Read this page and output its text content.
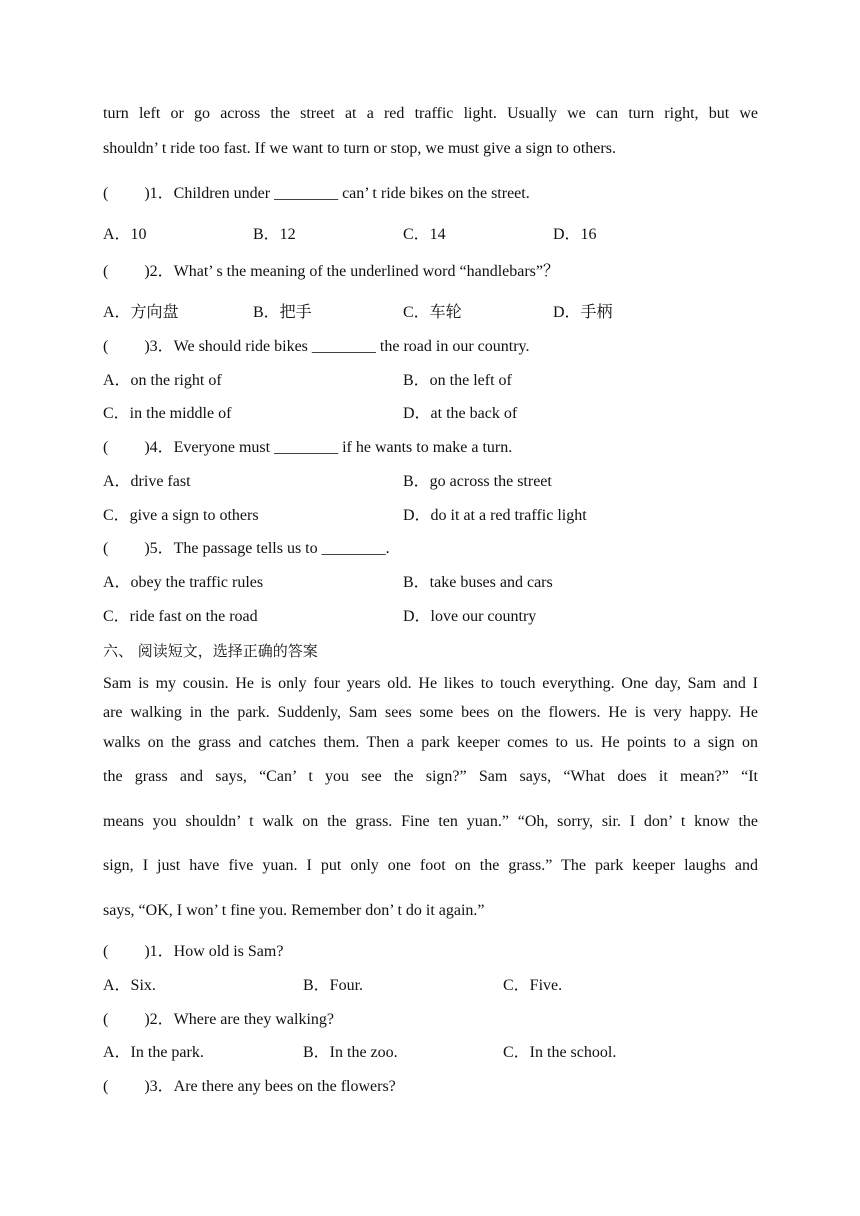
turn left or go across the street at a red traffic light. Usually we can turn right, but we
shouldn’ t ride too fast. If we want to turn or stop, we must give a sign to others.
(         )1．Children under ________ can’ t ride bikes on the street.
A．10	B．12	C．14	D．16
(         )2．What’ s the meaning of the underlined word “handlebars”？
A．方向盘	B．把手	C．车轮	D．手柄
(         )3．We should ride bikes ________ the road in our country.
A．on the right of	B．on the left of
C．in the middle of	D．at the back of
(         )4．Everyone must ________ if he wants to make a turn.
A．drive fast	B．go across the street
C．give a sign to others	D．do it at a red traffic light
(         )5．The passage tells us to ________.
A．obey the traffic rules	B．take buses and cars
C．ride fast on the road	D．love our country
六、 阅读短文，选择正确的答案
Sam is my cousin. He is only four years old. He likes to touch everything. One day, Sam and I
are walking in the park. Suddenly, Sam sees some bees on the flowers. He is very happy. He
walks on the grass and catches them. Then a park keeper comes to us. He points to a sign on
the grass and says, “Can’ t you see the sign?” Sam says, “What does it mean?” “It
means you shouldn’ t walk on the grass. Fine ten yuan.” “Oh, sorry, sir. I don’ t know the
sign, I just have five yuan. I put only one foot on the grass.” The park keeper laughs and
says, “OK, I won’ t fine you. Remember don’ t do it again.”
(         )1．How old is Sam?
A．Six.	B．Four.	C．Five.
(         )2．Where are they walking?
A．In the park.	B．In the zoo.	C．In the school.
(         )3．Are there any bees on the flowers?
